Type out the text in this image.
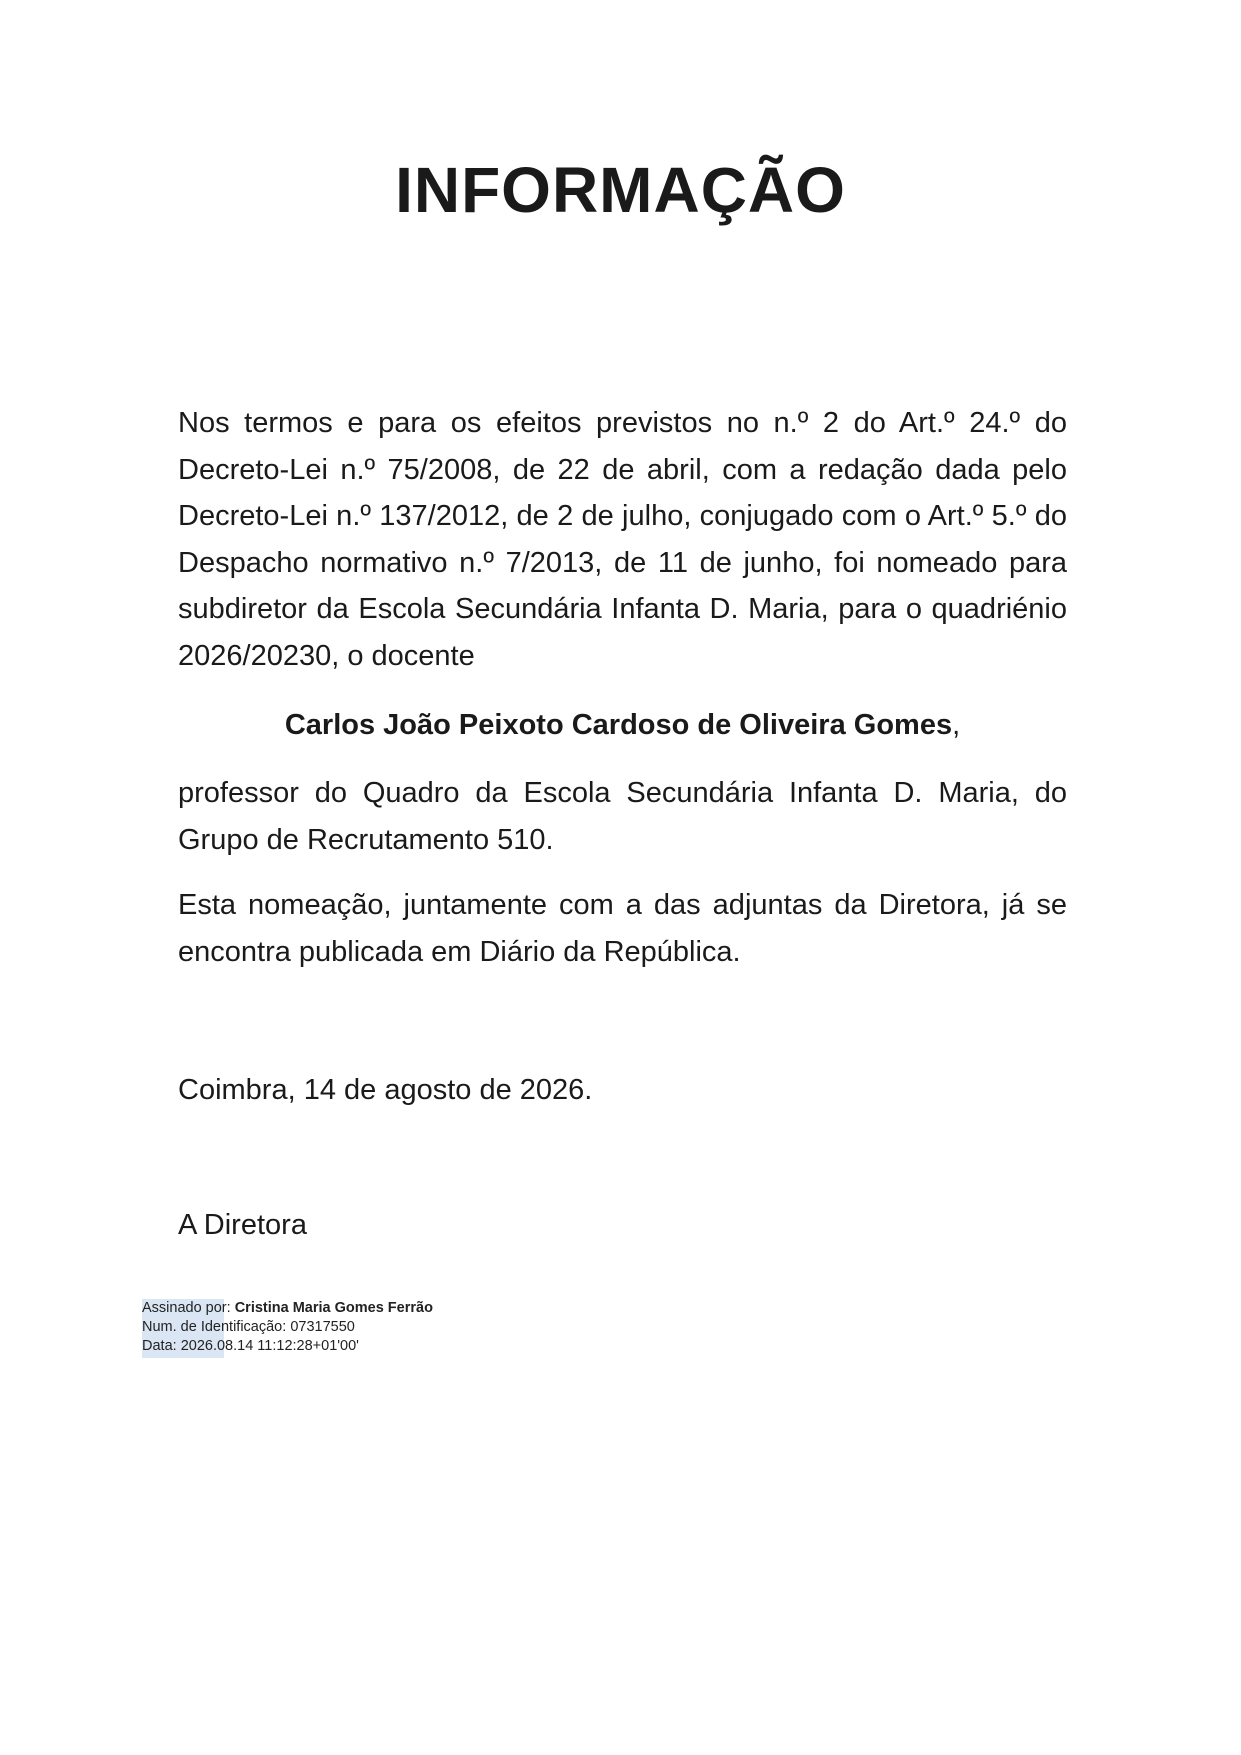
INFORMAÇÃO
Nos termos e para os efeitos previstos no n.º 2 do Art.º 24.º do Decreto-Lei n.º 75/2008, de 22 de abril, com a redação dada pelo Decreto-Lei n.º 137/2012, de 2 de julho, conjugado com o Art.º 5.º do Despacho normativo n.º 7/2013, de 11 de junho, foi nomeado para subdiretor da Escola Secundária Infanta D. Maria, para o quadriénio 2026/20230, o docente
Carlos João Peixoto Cardoso de Oliveira Gomes,
professor do Quadro da Escola Secundária Infanta D. Maria, do Grupo de Recrutamento 510.
Esta nomeação, juntamente com a das adjuntas da Diretora, já se encontra publicada em Diário da República.
Coimbra, 14 de agosto de 2026.
A Diretora
Assinado por: Cristina Maria Gomes Ferrão
Num. de Identificação: 07317550
Data: 2026.08.14 11:12:28+01'00'
